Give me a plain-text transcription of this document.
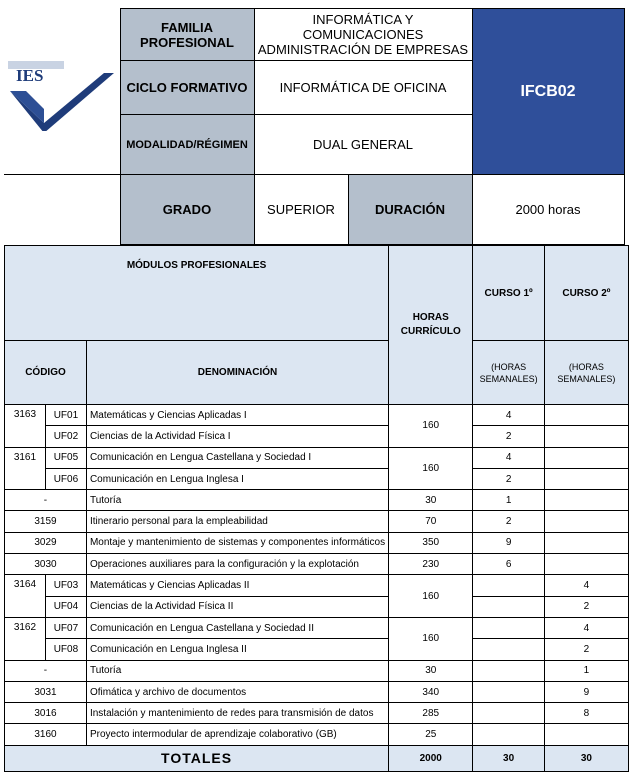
IES	FAMILIA PROFESIONAL	INFORMÁTICA Y COMUNICACIONES ADMINISTRACIÓN DE EMPRESAS		IFCB02
	CICLO FORMATIVO	INFORMÁTICA DE OFICINA		
	MODALIDAD/RÉGIMEN	DUAL GENERAL		
	GRADO	SUPERIOR	DURACIÓN	2000 horas
MÓDULOS PROFESIONALES			HORAS CURRÍCULO	CURSO 1º	CURSO 2º
CÓDIGO		DENOMINACIÓN		(HORAS SEMANALES)	(HORAS SEMANALES)
3163	UF01	Matemáticas y Ciencias Aplicadas I	160	4	
	UF02	Ciencias de la Actividad Física I		2	
3161	UF05	Comunicación en Lengua Castellana y Sociedad I	160	4	
	UF06	Comunicación en Lengua Inglesa I		2	
-		Tutoría	30	1	
3159		Itinerario personal para la empleabilidad	70	2	
3029		Montaje y mantenimiento de sistemas y componentes informáticos	350	9	
3030		Operaciones auxiliares para la configuración y la explotación	230	6	
3164	UF03	Matemáticas y Ciencias Aplicadas II	160		4
	UF04	Ciencias de la Actividad Física II			2
3162	UF07	Comunicación en Lengua Castellana y Sociedad II	160		4
	UF08	Comunicación en Lengua Inglesa II			2
-		Tutoría	30		1
3031		Ofimática y archivo de documentos	340		9
3016		Instalación y mantenimiento de redes para transmisión de datos	285		8
3160		Proyecto intermodular de aprendizaje colaborativo (GB)	25		
TOTALES			2000	30	30
